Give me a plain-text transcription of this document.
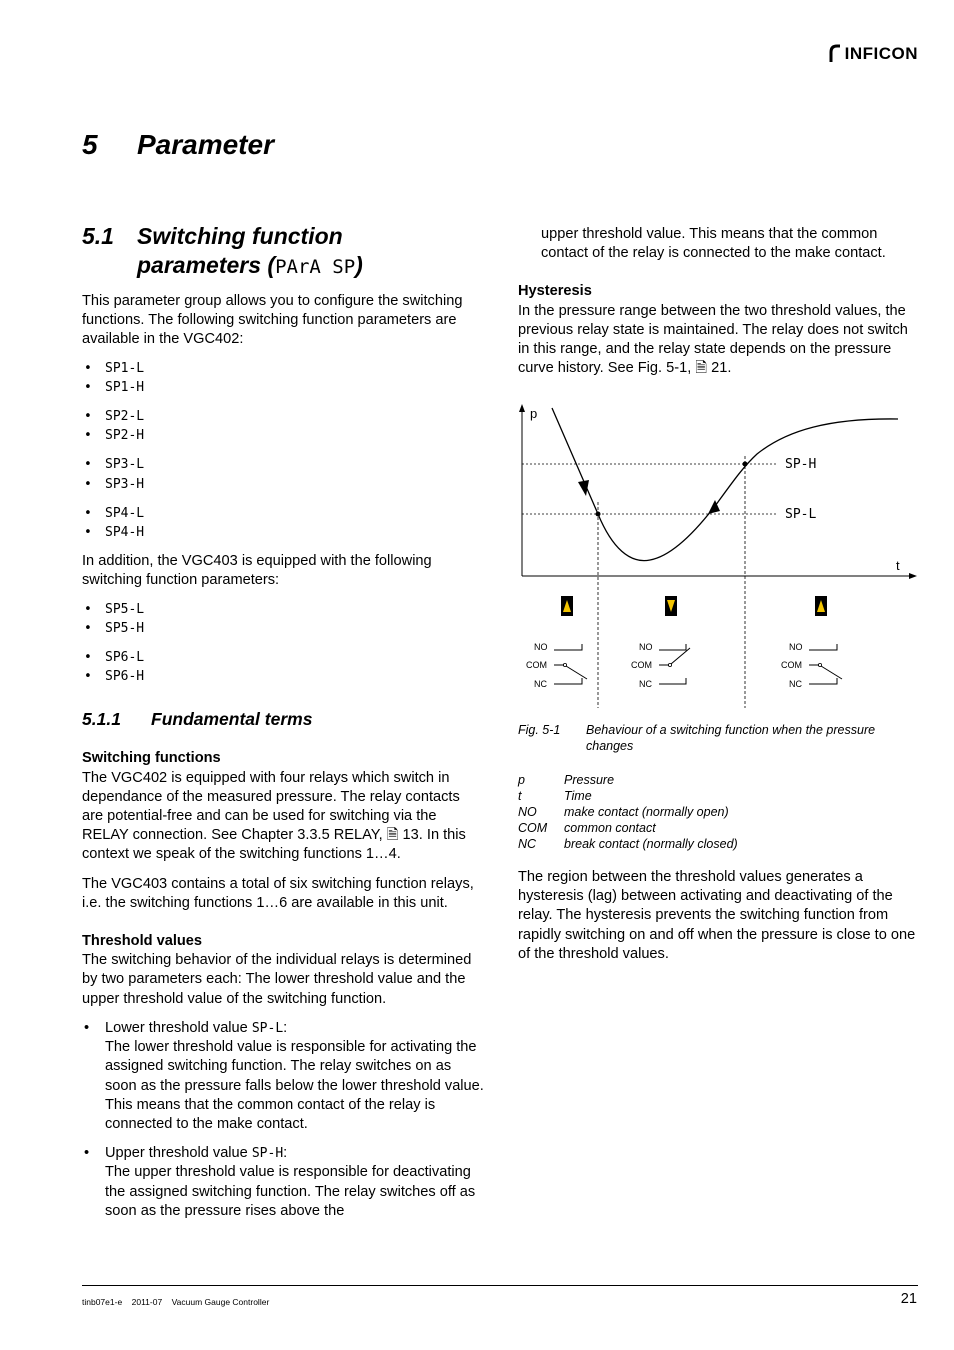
INFICON
5 Parameter
5.1 Switching function
parameters (PArA SP)

This parameter group allows you to configure the switching functions. The following switching function parameters are available in the VGC402:

• SP1-L
• SP1-H
• SP2-L
• SP2-H
• SP3-L
• SP3-H
• SP4-L
• SP4-H

In addition, the VGC403 is equipped with the following switching function parameters:

• SP5-L
• SP5-H
• SP6-L
• SP6-H
5.1.1 Fundamental terms
Switching functions

The VGC402 is equipped with four relays which switch in dependance of the measured pressure. The relay contacts are potential-free and can be used for switching via the RELAY connection. See Chapter 3.3.5 RELAY, 🗎 13. In this context we speak of the switching functions 1…4.

The VGC403 contains a total of six switching function relays, i.e. the switching functions 1…6 are available in this unit.

Threshold values

The switching behavior of the individual relays is determined by two parameters each: The lower threshold value and the upper threshold value of the switching function.

• Lower threshold value SP-L:
The lower threshold value is responsible for activating the assigned switching function. The relay switches on as soon as the pressure falls below the lower threshold value. This means that the common contact of the relay is connected to the make contact.
• Upper threshold value SP-H:
The upper threshold value is responsible for deactivating the assigned switching function. The relay switches off as soon as the pressure rises above the

upper threshold value. This means that the common contact of the relay is connected to the make contact.

Hysteresis

In the pressure range between the two threshold values, the previous relay state is maintained. The relay does not switch in this range, and the relay state depends on the pressure curve history. See Fig. 5-1, 🗎 21.

p
t
SP-H
SP-L
NO
COM
NC
NO
COM
NC
NO
COM
NC
Fig. 5-1	Behaviour of a switching function when the pressure changes
p	Pressure
t	Time
NO	make contact (normally open)
COM	common contact
NC	break contact (normally closed)

The region between the threshold values generates a hysteresis (lag) between activating and deactivating of the relay. The hysteresis prevents the switching function from rapidly switching on and off when the pressure is close to one of the threshold values.

tinb07e1-e    2011-07    Vacuum Gauge Controller	21
